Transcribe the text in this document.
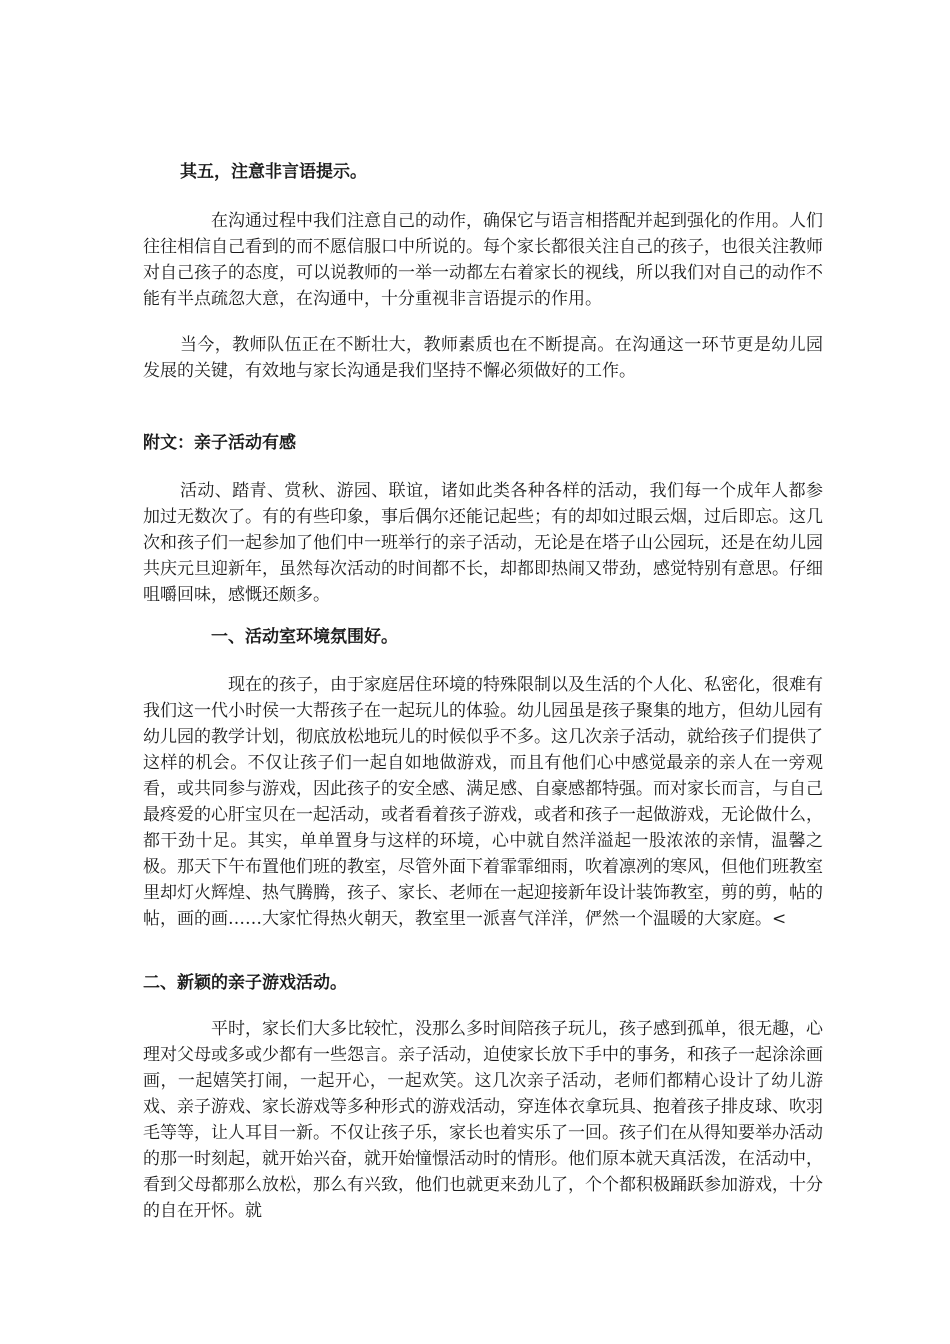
其五，注意非言语提示。

在沟通过程中我们注意自己的动作，确保它与语言相搭配并起到强化的作用。人们往往相信自己看到的而不愿信服口中所说的。每个家长都很关注自己的孩子，也很关注教师对自己孩子的态度，可以说教师的一举一动都左右着家长的视线，所以我们对自己的动作不能有半点疏忽大意，在沟通中，十分重视非言语提示的作用。

当今，教师队伍正在不断壮大，教师素质也在不断提高。在沟通这一环节更是幼儿园发展的关键，有效地与家长沟通是我们坚持不懈必须做好的工作。

附文：亲子活动有感

活动、踏青、赏秋、游园、联谊，诸如此类各种各样的活动，我们每一个成年人都参加过无数次了。有的有些印象，事后偶尔还能记起些；有的却如过眼云烟，过后即忘。这几次和孩子们一起参加了他们中一班举行的亲子活动，无论是在塔子山公园玩，还是在幼儿园共庆元旦迎新年，虽然每次活动的时间都不长，却都即热闹又带劲，感觉特别有意思。仔细咀嚼回味，感慨还颇多。

一、活动室环境氛围好。

现在的孩子，由于家庭居住环境的特殊限制以及生活的个人化、私密化，很难有我们这一代小时侯一大帮孩子在一起玩儿的体验。幼儿园虽是孩子聚集的地方，但幼儿园有幼儿园的教学计划，彻底放松地玩儿的时候似乎不多。这几次亲子活动，就给孩子们提供了这样的机会。不仅让孩子们一起自如地做游戏，而且有他们心中感觉最亲的亲人在一旁观看，或共同参与游戏，因此孩子的安全感、满足感、自豪感都特强。而对家长而言，与自己最疼爱的心肝宝贝在一起活动，或者看着孩子游戏，或者和孩子一起做游戏，无论做什么，都干劲十足。其实，单单置身与这样的环境，心中就自然洋溢起一股浓浓的亲情，温馨之极。那天下午布置他们班的教室，尽管外面下着霏霏细雨，吹着凛冽的寒风，但他们班教室里却灯火辉煌、热气腾腾，孩子、家长、老师在一起迎接新年设计装饰教室，剪的剪，帖的帖，画的画……大家忙得热火朝天，教室里一派喜气洋洋，俨然一个温暖的大家庭。<

二、新颖的亲子游戏活动。

平时，家长们大多比较忙，没那么多时间陪孩子玩儿，孩子感到孤单，很无趣，心理对父母或多或少都有一些怨言。亲子活动，迫使家长放下手中的事务，和孩子一起涂涂画画，一起嬉笑打闹，一起开心，一起欢笑。这几次亲子活动，老师们都精心设计了幼儿游戏、亲子游戏、家长游戏等多种形式的游戏活动，穿连体衣拿玩具、抱着孩子排皮球、吹羽毛等等，让人耳目一新。不仅让孩子乐，家长也着实乐了一回。孩子们在从得知要举办活动的那一时刻起，就开始兴奋，就开始憧憬活动时的情形。他们原本就天真活泼，在活动中，看到父母都那么放松，那么有兴致，他们也就更来劲儿了，个个都积极踊跃参加游戏，十分的自在开怀。就
